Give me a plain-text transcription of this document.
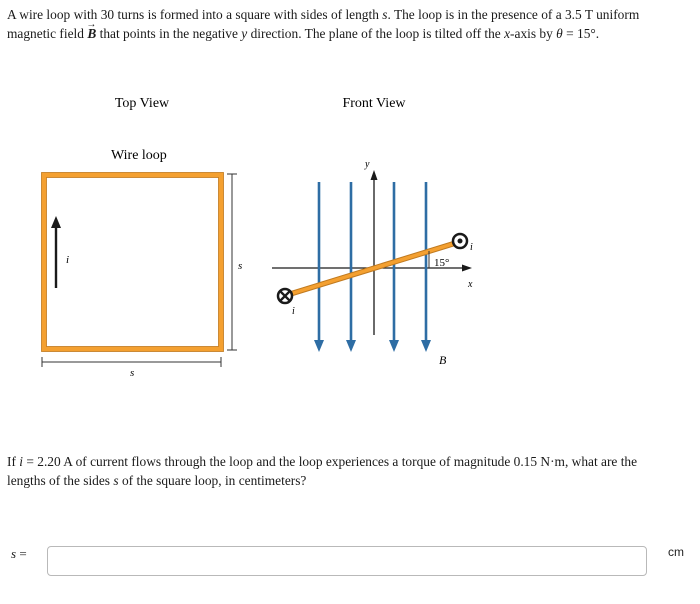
A wire loop with 30 turns is formed into a square with sides of length s. The loop is in the presence of a 3.5 T uniform magnetic field → B that points in the negative y direction. The plane of the loop is tilted off the x-axis by θ = 15°.
Top View	Front View
Wire loop
i	s
s
y
x
B
15°
i
i
If i = 2.20 A of current flows through the loop and the loop experiences a torque of magnitude 0.15 N·m, what are the lengths of the sides s of the square loop, in centimeters?
s =	cm
